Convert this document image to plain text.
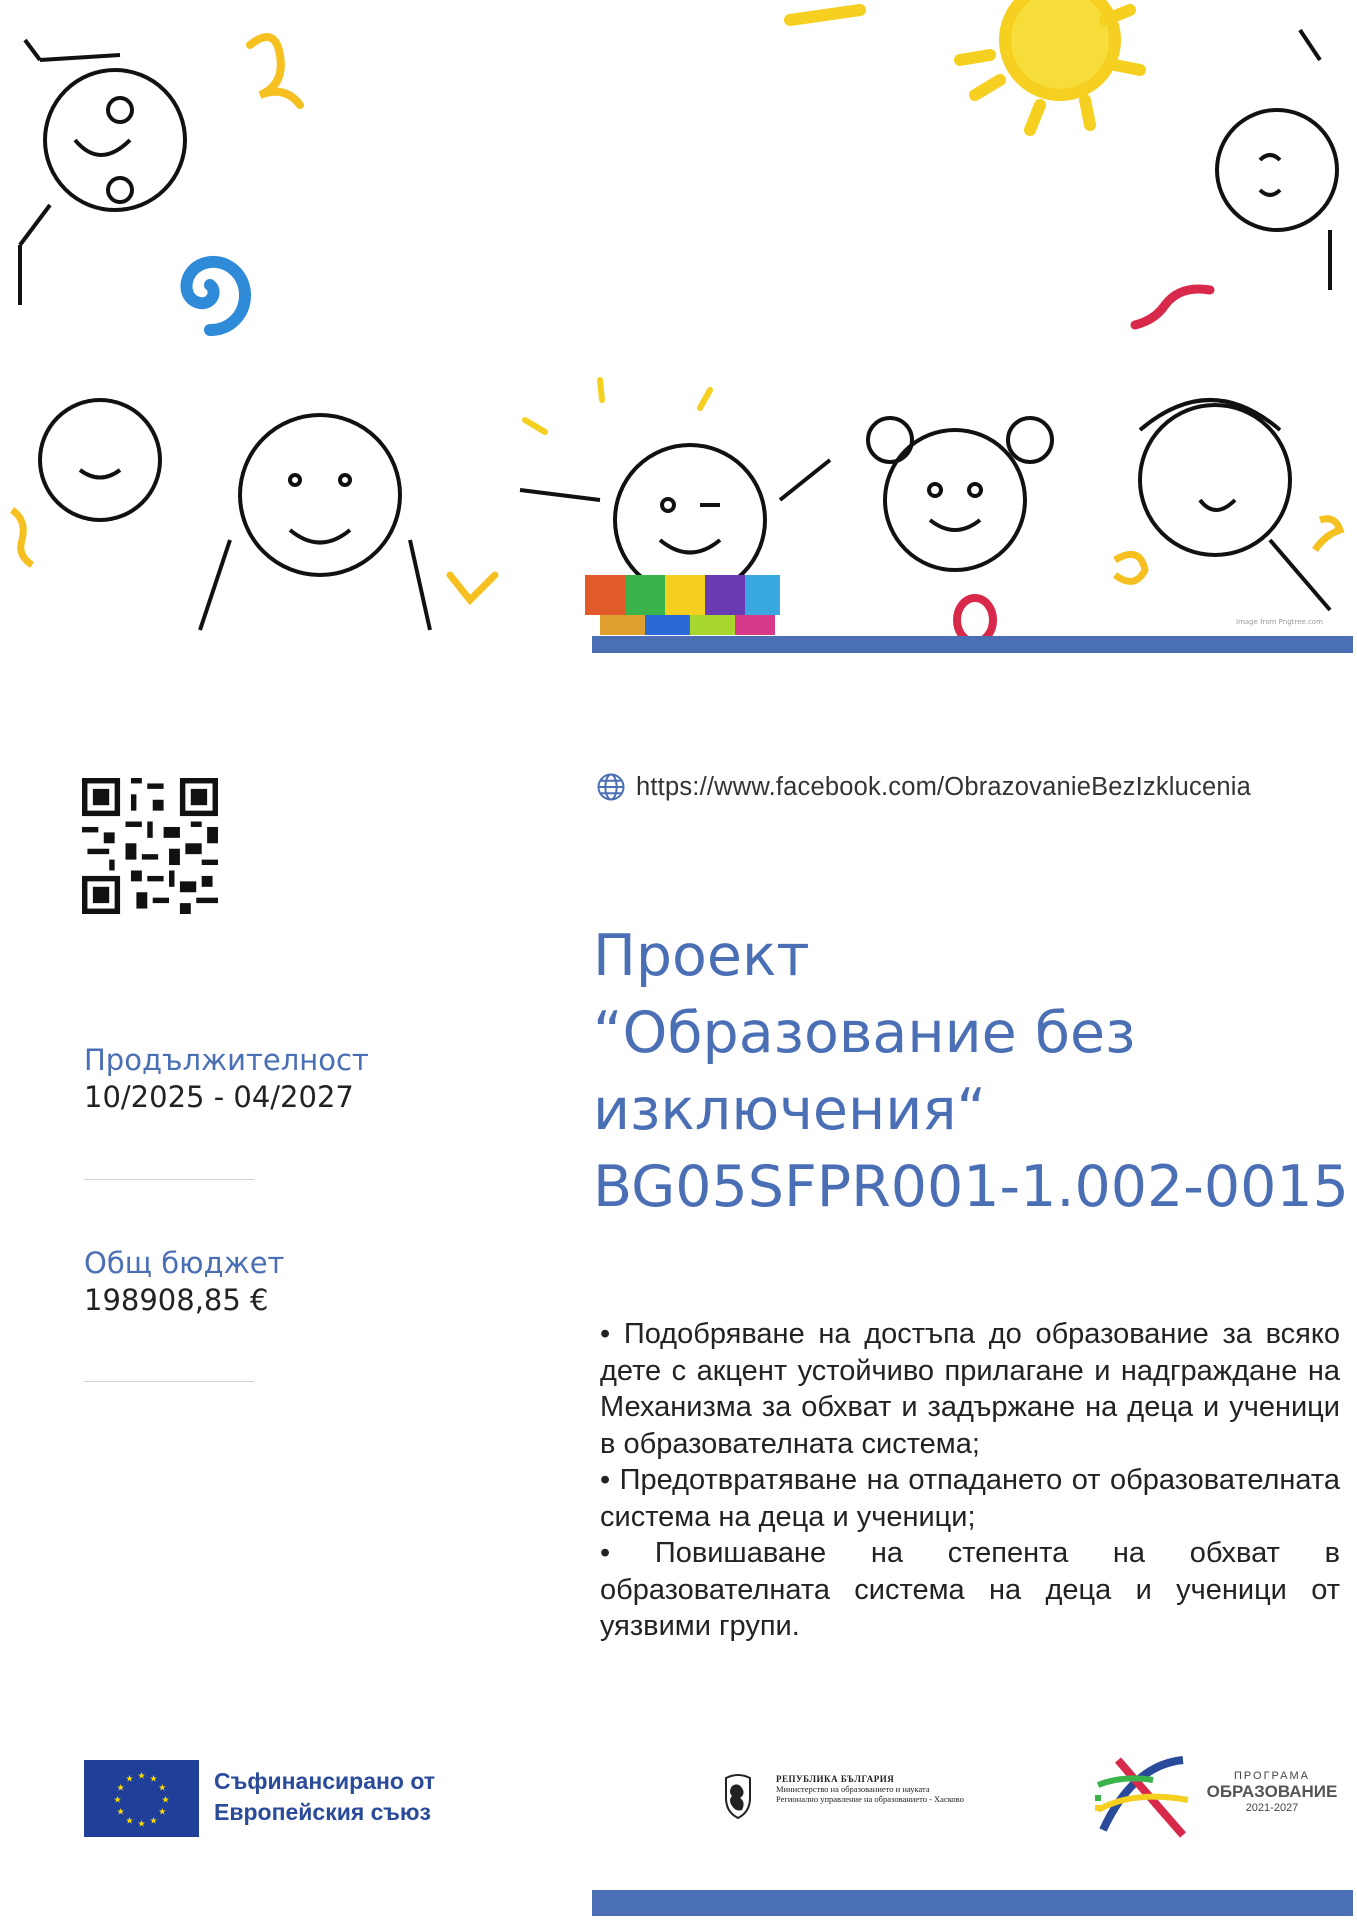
Image from Pngtree.com
https://www.facebook.com/ObrazovanieBezIzklucenia
Проект
“Образование без
изключения“
BG05SFPR001-1.002-0015
Продължителност
10/2025 - 04/2027
Общ бюджет
198908,85 €

• Подобряване на достъпа до образование за всяко дете с акцент устойчиво прилагане и надграждане на Механизма за обхват и задържане на деца и ученици в образователната система;

• Предотвратяване на отпадането от образователната система на деца и ученици;

• Повишаване на степента на обхват в образователната система на деца и ученици от уязвими групи.

★ ★
★
★
★
★
★
★
★
★
★
★	Съфинансирано от
Европейския съюз
РЕПУБЛИКА БЪЛГАРИЯ
Министерство на образованието и науката
Регионално управление на образованието - Хасково
ПРОГРАМА
ОБРАЗОВАНИЕ
2021-2027
